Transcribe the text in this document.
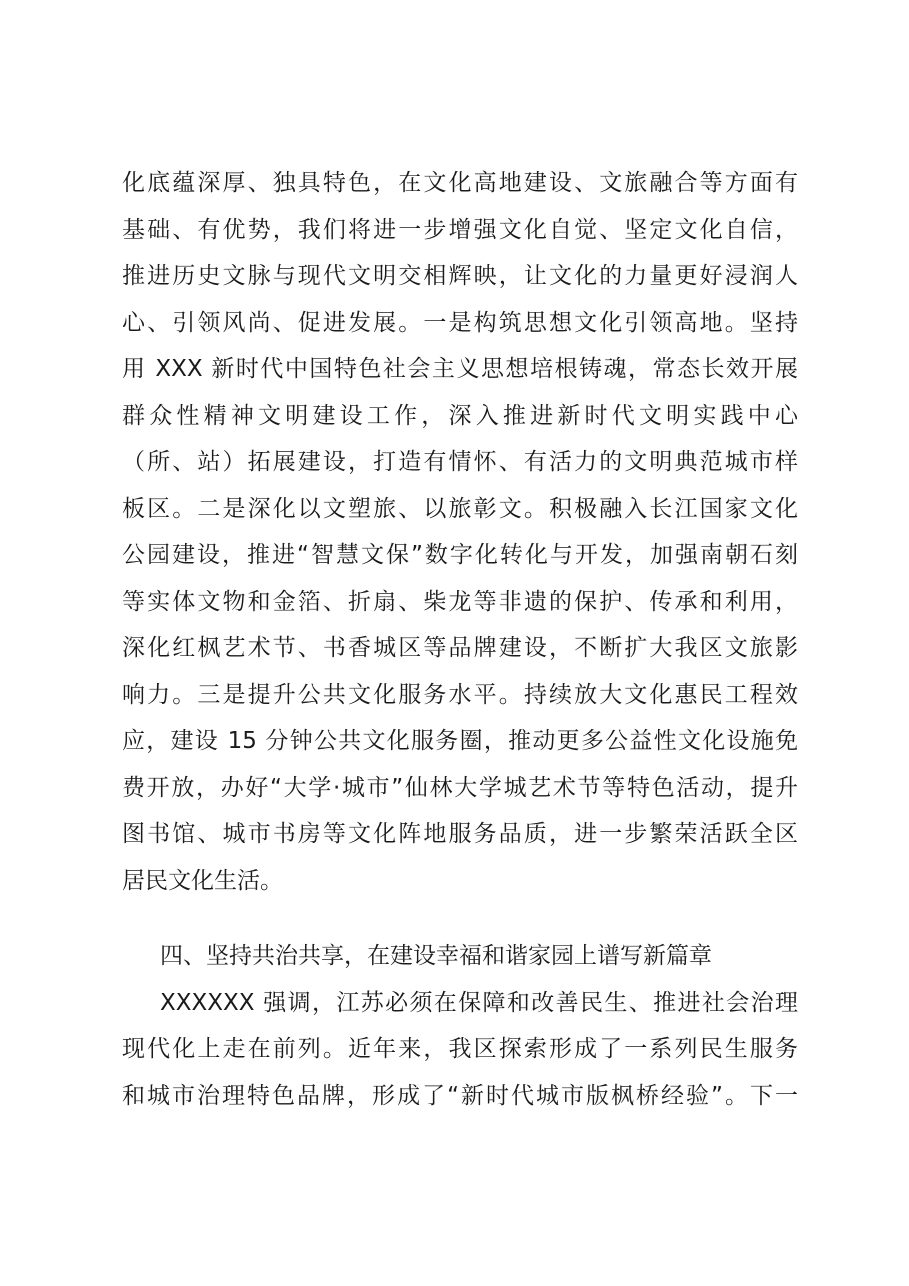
化底蕴深厚、独具特色，在文化高地建设、文旅融合等方面有
基础、有优势，我们将进一步增强文化自觉、坚定文化自信，
推进历史文脉与现代文明交相辉映，让文化的力量更好浸润人
心、引领风尚、促进发展。一是构筑思想文化引领高地。坚持
用 XXX 新时代中国特色社会主义思想培根铸魂，常态长效开展
群众性精神文明建设工作，深入推进新时代文明实践中心
（所、站）拓展建设，打造有情怀、有活力的文明典范城市样
板区。二是深化以文塑旅、以旅彰文。积极融入长江国家文化
公园建设，推进“智慧文保”数字化转化与开发，加强南朝石刻
等实体文物和金箔、折扇、柴龙等非遗的保护、传承和利用，
深化红枫艺术节、书香城区等品牌建设，不断扩大我区文旅影
响力。三是提升公共文化服务水平。持续放大文化惠民工程效
应，建设 15 分钟公共文化服务圈，推动更多公益性文化设施免
费开放，办好“大学·城市”仙林大学城艺术节等特色活动，提升
图书馆、城市书房等文化阵地服务品质，进一步繁荣活跃全区
居民文化生活。
四、坚持共治共享，在建设幸福和谐家园上谱写新篇章
XXXXXX 强调，江苏必须在保障和改善民生、推进社会治理
现代化上走在前列。近年来，我区探索形成了一系列民生服务
和城市治理特色品牌，形成了“新时代城市版枫桥经验”。下一
